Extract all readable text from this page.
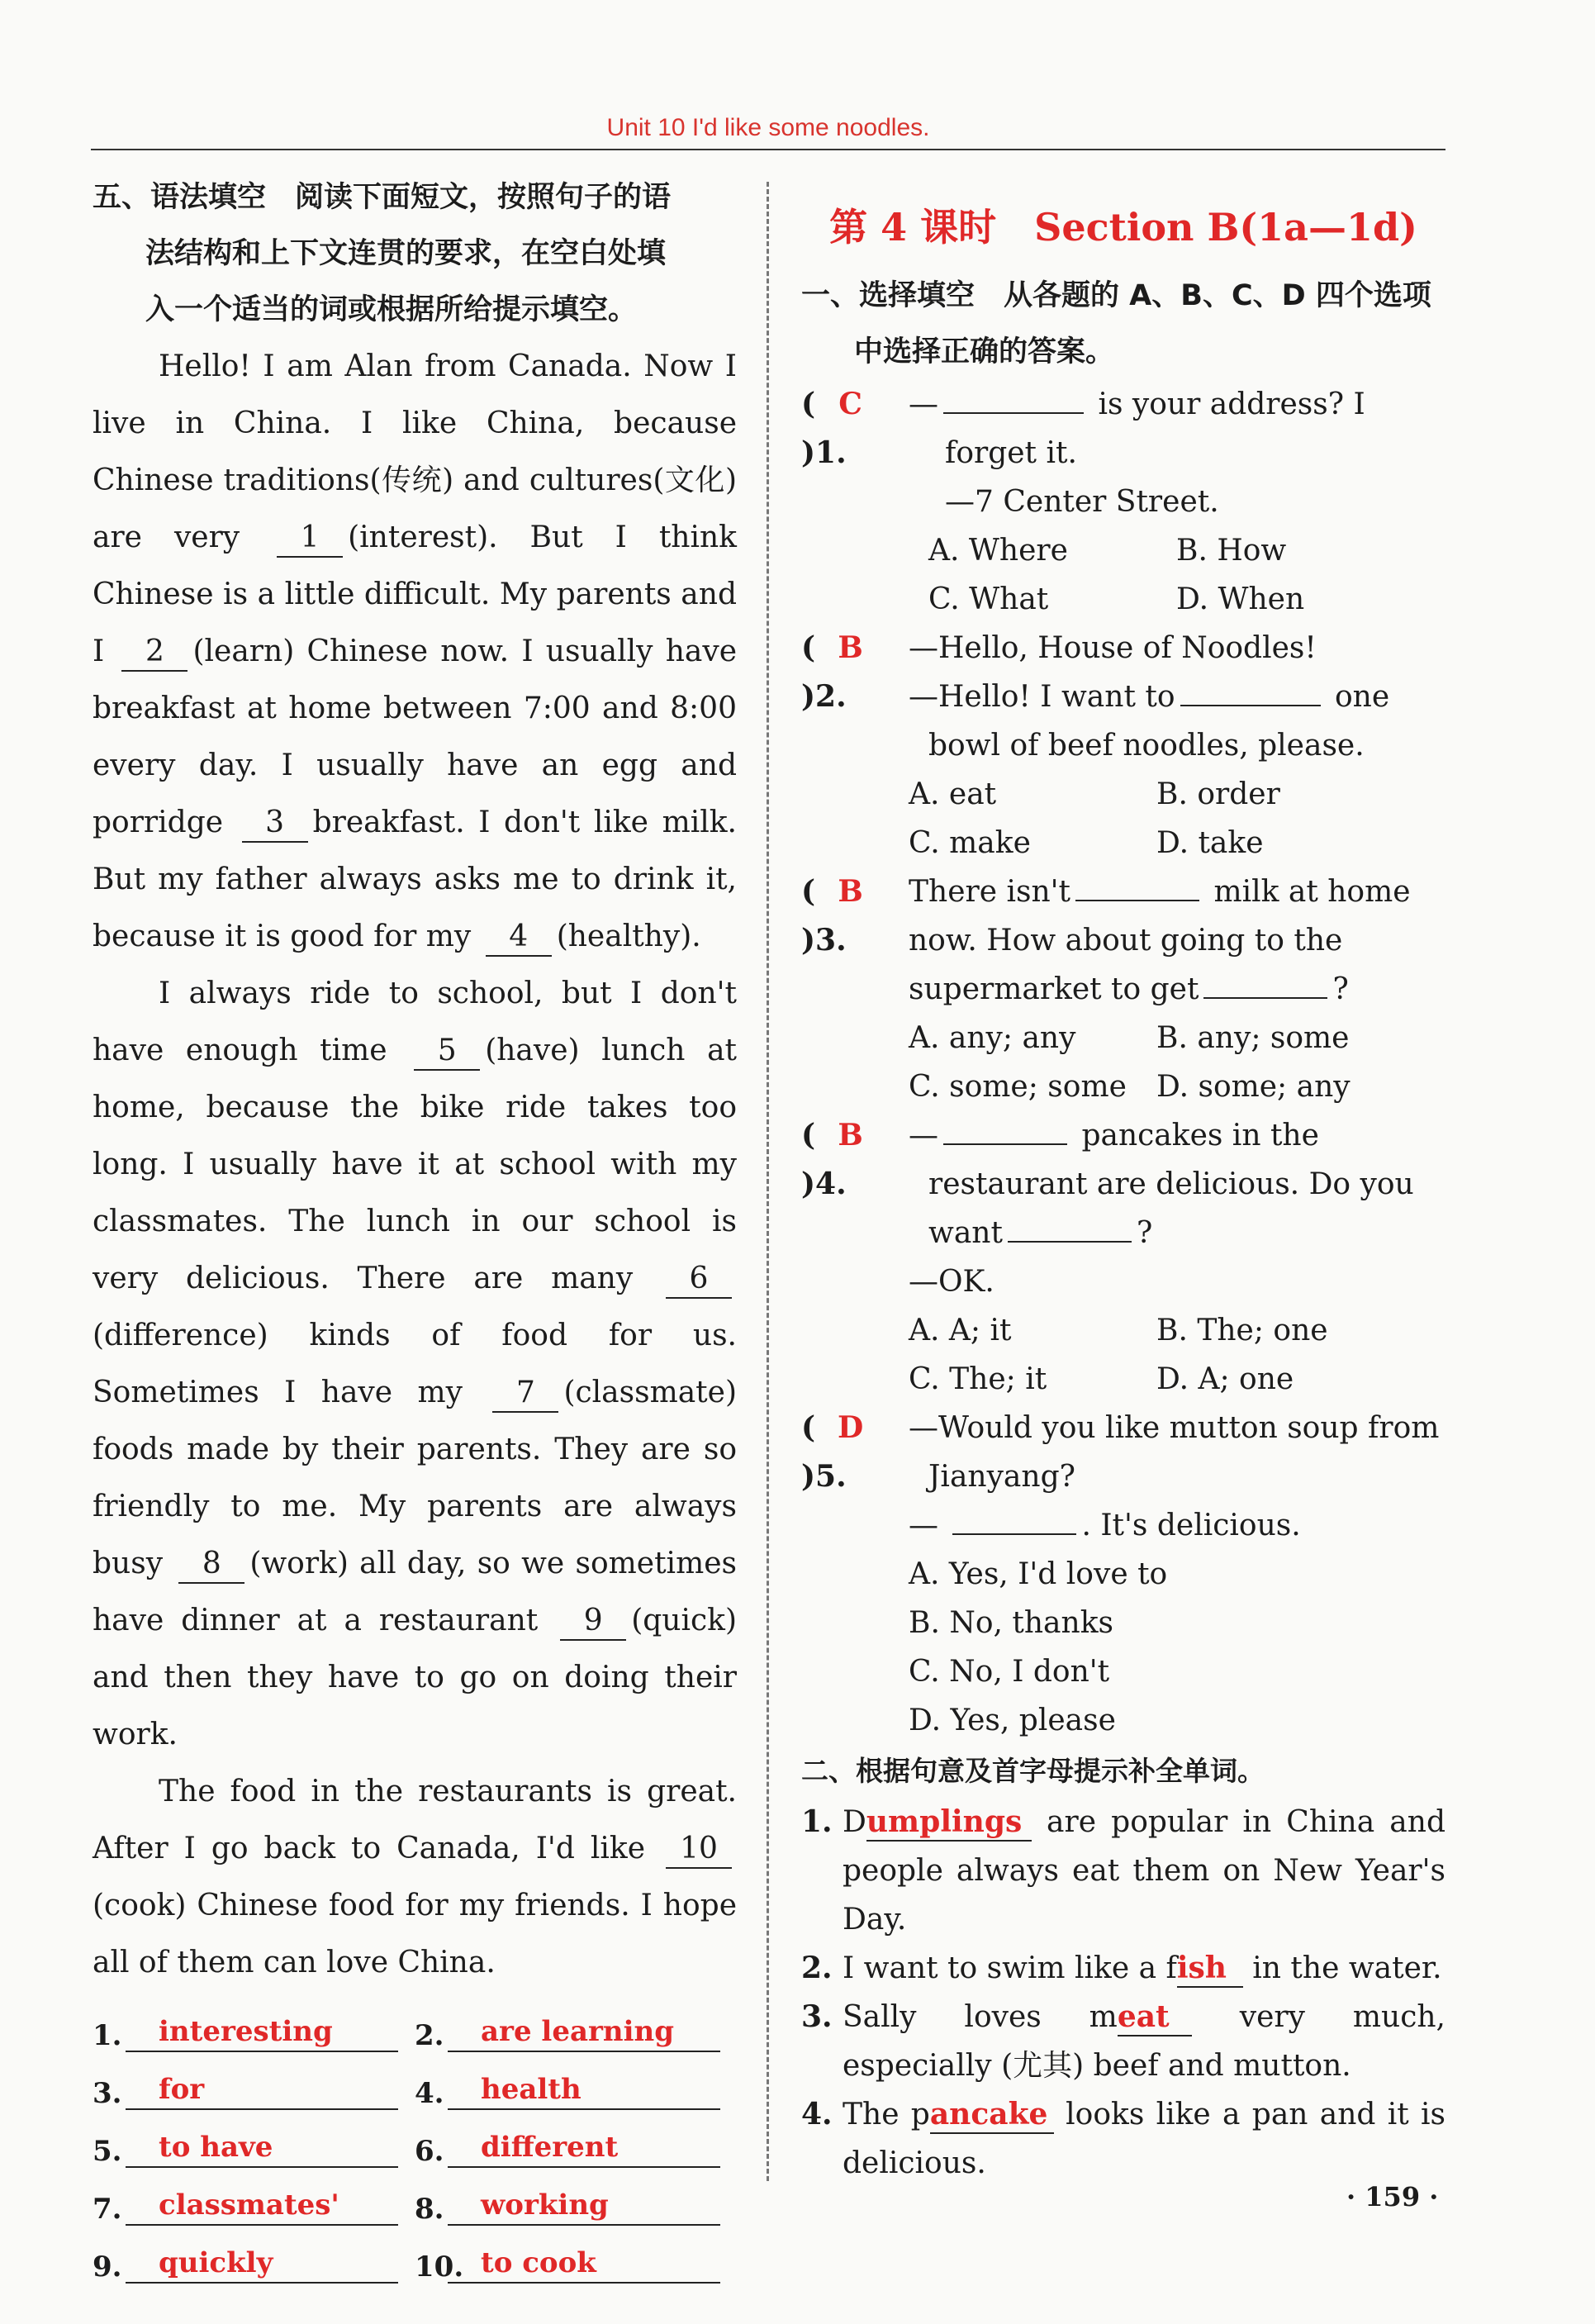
Unit 10 I'd like some noodles.
五、语法填空　阅读下面短文，按照句子的语
法结构和上下文连贯的要求，在空白处填
入一个适当的词或根据所给提示填空。

Hello! I am Alan from Canada. Now I live in China. I like China, because Chinese traditions(传统) and cultures(文化) are very 1 (interest). But I think Chinese is a little difficult. My parents and I 2 (learn) Chinese now. I usually have breakfast at home between 7:00 and 8:00 every day. I usually have an egg and porridge 3 breakfast. I don't like milk. But my father always asks me to drink it, because it is good for my 4 (healthy).

I always ride to school, but I don't have enough time 5 (have) lunch at home, because the bike ride takes too long. I usually have it at school with my classmates. The lunch in our school is very delicious. There are many 6(difference) kinds of food for us. Sometimes I have my 7 (classmate) foods made by their parents. They are so friendly to me. My parents are always busy 8 (work) all day, so we sometimes have dinner at a restaurant 9 (quick) and then they have to go on doing their work.

The food in the restaurants is great. After I go back to Canada, I'd like 10(cook) Chinese food for my friends. I hope all of them can love China.

1.	interesting	2.	are learning
3.	for	4.	health
5.	to have	6.	different
7.	classmates'	8.	working
9.	quickly	10. to cook
第 4 课时　Section B(1a—1d)
一、选择填空　从各题的 A、B、C、D 四个选项
中选择正确的答案。
( C)1.
—	is your address? I
forget it.
—7 Center Street.
A. Where	B. How
C. What	D. When
( B)2.
—Hello, House of Noodles!
—Hello! I want to	one
bowl of beef noodles, please.
A. eat	B. order
C. make	D. take
( B)3.
There isn't	milk at home
now. How about going to the
supermarket to get	?
A. any; any	B. any; some
C. some; some	D. some; any
( B)4.
—	pancakes in the
restaurant are delicious. Do you
want	?
—OK.
A. A; it	B. The; one
C. The; it	D. A; one
( D)5.
—Would you like mutton soup from
Jianyang?
—	. It's delicious.
A. Yes, I'd love to
B. No, thanks
C. No, I don't
D. Yes, please
二、根据句意及首字母提示补全单词。
1. Dumplings are popular in China and people always eat them on New Year's Day.
2. I want to swim like a fish in the water.
3. Sally loves meat very much, especially (尤其) beef and mutton.
4. The pancake looks like a pan and it is delicious.
· 159 ·
